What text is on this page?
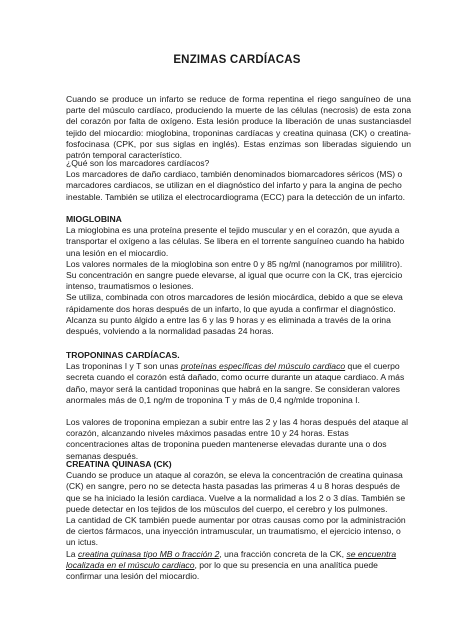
ENZIMAS CARDÍACAS
Cuando se produce un infarto se reduce de forma repentina el riego sanguíneo de una parte del músculo cardíaco, produciendo la muerte de las células (necrosis) de esta zona del corazón por falta de oxígeno. Esta lesión produce la liberación de unas sustanciasdel tejido del miocardio: mioglobina, troponinas cardíacas y creatina quinasa (CK) o creatina-fosfocinasa (CPK, por sus siglas en inglés). Estas enzimas son liberadas siguiendo un patrón temporal característico.

¿Qué son los marcadores cardíacos?

Los marcadores de daño cardiaco, también denominados biomarcadores séricos (MS) o marcadores cardiacos, se utilizan en el diagnóstico del infarto y para la angina de pecho inestable. También se utiliza el electrocardiograma (ECC) para la detección de un infarto.

MIOGLOBINA

La mioglobina es una proteína presente el tejido muscular y en el corazón, que ayuda a transportar el oxígeno a las células. Se libera en el torrente sanguíneo cuando ha habido una lesión en el miocardio.

Los valores normales de la mioglobina son entre 0 y 85 ng/ml (nanogramos por mililitro). Su concentración en sangre puede elevarse, al igual que ocurre con la CK, tras ejercicio intenso, traumatismos o lesiones.

Se utiliza, combinada con otros marcadores de lesión miocárdica, debido a que se eleva rápidamente dos horas después de un infarto, lo que ayuda a confirmar el diagnóstico. Alcanza su punto álgido a entre las 6 y las 9 horas y es eliminada a través de la orina después, volviendo a la normalidad pasadas 24 horas.

TROPONINAS CARDÍACAS.

Las troponinas I y T son unas proteínas específicas del músculo cardiaco que el cuerpo secreta cuando el corazón está dañado, como ocurre durante un ataque cardiaco. A más daño, mayor será la cantidad troponinas que habrá en la sangre. Se consideran valores anormales más de 0,1 ng/m de troponina T y más de 0,4 ng/mlde troponina I.

Los valores de troponina empiezan a subir entre las 2 y las 4 horas después del ataque al corazón, alcanzando niveles máximos pasadas entre 10 y 24 horas. Estas concentraciones altas de troponina pueden mantenerse elevadas durante una o dos semanas después.

CREATINA QUINASA (CK)

Cuando se produce un ataque al corazón, se eleva la concentración de creatina quinasa (CK) en sangre, pero no se detecta hasta pasadas las primeras 4 u 8 horas después de que se ha iniciado la lesión cardiaca. Vuelve a la normalidad a los 2 o 3 días. También se puede detectar en los tejidos de los músculos del cuerpo, el cerebro y los pulmones.

La cantidad de CK también puede aumentar por otras causas como por la administración de ciertos fármacos, una inyección intramuscular, un traumatismo, el ejercicio intenso, o un ictus.

La creatina quinasa tipo MB o fracción 2, una fracción concreta de la CK, se encuentra localizada en el músculo cardiaco, por lo que su presencia en una analítica puede confirmar una lesión del miocardio.
